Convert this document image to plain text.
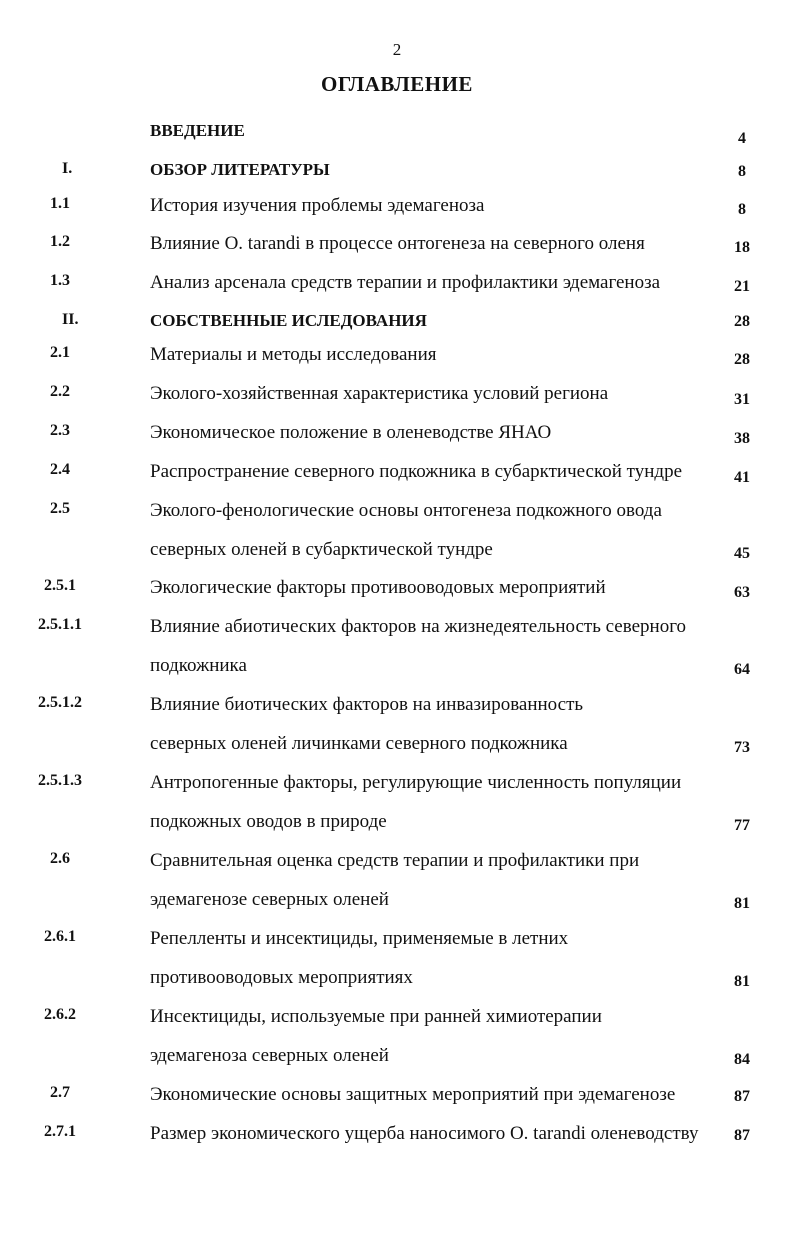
2
ОГЛАВЛЕНИЕ
ВВЕДЕНИЕ	4
I.	ОБЗОР ЛИТЕРАТУРЫ	8
1.1	История изучения проблемы эдемагеноза	8
1.2	Влияние O. tarandi в процессе онтогенеза на северного оленя	18
1.3	Анализ арсенала средств терапии и профилактики эдемагеноза	21
II.	СОБСТВЕННЫЕ ИСЛЕДОВАНИЯ	28
2.1	Материалы и методы исследования	28
2.2	Эколого-хозяйственная характеристика условий региона	31
2.3	Экономическое положение в оленеводстве ЯНАО	38
2.4	Распространение северного подкожника в субарктической тундре	41
2.5	Эколого-фенологические основы онтогенеза подкожного овода
северных оленей в субарктической тундре	45
2.5.1	Экологические факторы противооводовых мероприятий	63
2.5.1.1	Влияние абиотических факторов на жизнедеятельность северного
подкожника	64
2.5.1.2	Влияние биотических факторов на инвазированность
северных оленей личинками северного подкожника	73
2.5.1.3	Антропогенные факторы, регулирующие численность популяции
подкожных оводов в природе	77
2.6	Сравнительная оценка средств терапии и профилактики при
эдемагенозе северных оленей	81
2.6.1	Репелленты и инсектициды, применяемые в летних
противооводовых мероприятиях	81
2.6.2	Инсектициды, используемые при ранней химиотерапии
эдемагеноза северных оленей	84
2.7	Экономические основы защитных мероприятий при эдемагенозе	87
2.7.1	Размер экономического ущерба наносимого O. tarandi оленеводству	87
